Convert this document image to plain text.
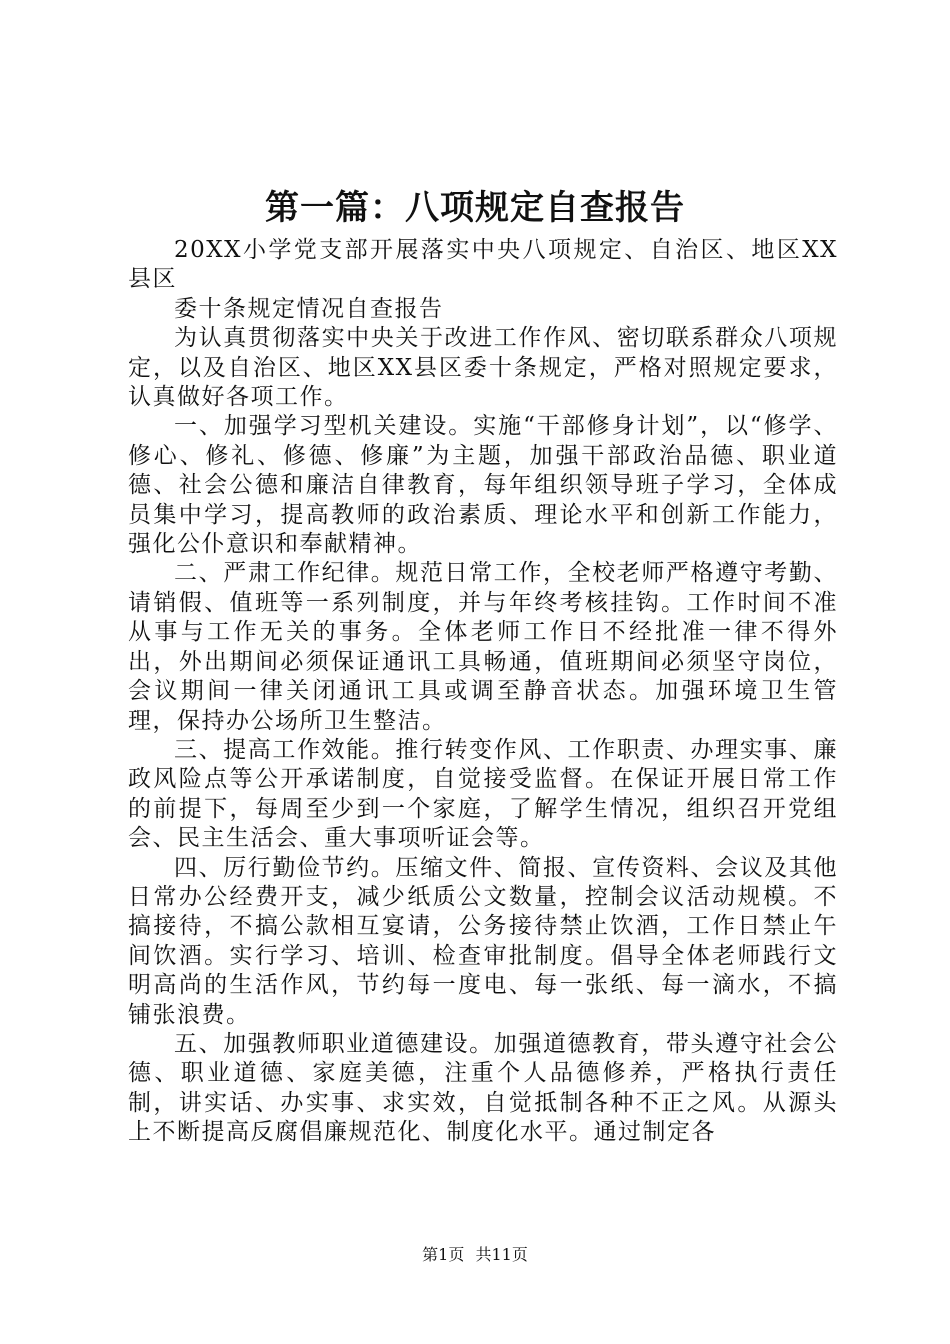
第一篇：八项规定自查报告

20XX小学党支部开展落实中央八项规定、自治区、地区XX县区

委十条规定情况自查报告

为认真贯彻落实中央关于改进工作作风、密切联系群众八项规定，以及自治区、地区XX县区委十条规定，严格对照规定要求，认真做好各项工作。

一、加强学习型机关建设。实施“干部修身计划”，以“修学、修心、修礼、修德、修廉”为主题，加强干部政治品德、职业道德、社会公德和廉洁自律教育，每年组织领导班子学习，全体成员集中学习，提高教师的政治素质、理论水平和创新工作能力，强化公仆意识和奉献精神。

二、严肃工作纪律。规范日常工作，全校老师严格遵守考勤、请销假、值班等一系列制度，并与年终考核挂钩。工作时间不准从事与工作无关的事务。全体老师工作日不经批准一律不得外出，外出期间必须保证通讯工具畅通，值班期间必须坚守岗位，会议期间一律关闭通讯工具或调至静音状态。加强环境卫生管理，保持办公场所卫生整洁。

三、提高工作效能。推行转变作风、工作职责、办理实事、廉政风险点等公开承诺制度，自觉接受监督。在保证开展日常工作的前提下，每周至少到一个家庭，了解学生情况，组织召开党组会、民主生活会、重大事项听证会等。

四、厉行勤俭节约。压缩文件、简报、宣传资料、会议及其他日常办公经费开支，减少纸质公文数量，控制会议活动规模。不搞接待，不搞公款相互宴请，公务接待禁止饮酒，工作日禁止午间饮酒。实行学习、培训、检查审批制度。倡导全体老师践行文明高尚的生活作风，节约每一度电、每一张纸、每一滴水，不搞铺张浪费。

五、加强教师职业道德建设。加强道德教育，带头遵守社会公德、职业道德、家庭美德，注重个人品德修养，严格执行责任制，讲实话、办实事、求实效，自觉抵制各种不正之风。从源头上不断提高反腐倡廉规范化、制度化水平。通过制定各

第1页 共11页
